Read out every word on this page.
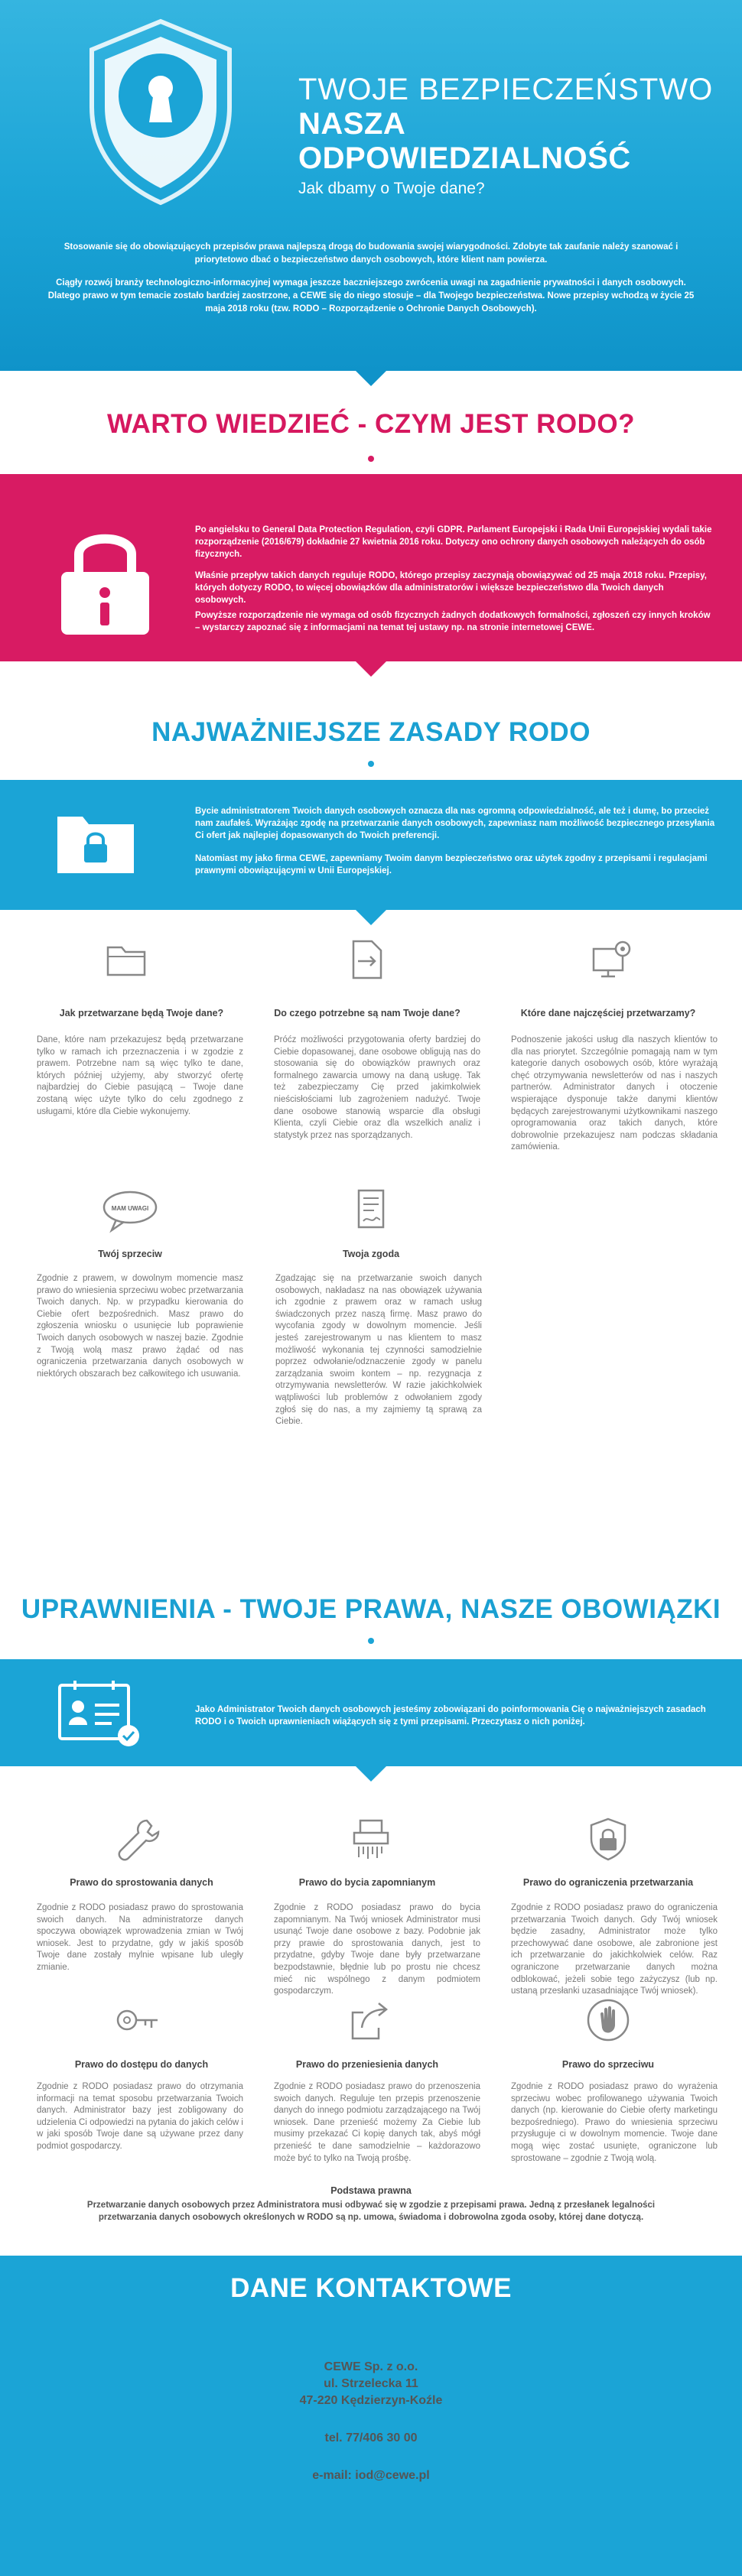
TWOJE BEZPIECZEŃSTWO
NASZA ODPOWIEDZIALNOŚĆ
Jak dbamy o Twoje dane?
Stosowanie się do obowiązujących przepisów prawa najlepszą drogą do budowania swojej wiarygodności. Zdobyte tak zaufanie należy szanować i priorytetowo dbać o bezpieczeństwo danych osobowych, które klient nam powierza.
Ciągły rozwój branży technologiczno-informacyjnej wymaga jeszcze baczniejszego zwrócenia uwagi na zagadnienie prywatności i danych osobowych. Dlatego prawo w tym temacie zostało bardziej zaostrzone, a CEWE się do niego stosuje – dla Twojego bezpieczeństwa. Nowe przepisy wchodzą w życie 25 maja 2018 roku (tzw. RODO – Rozporządzenie o Ochronie Danych Osobowych).
WARTO WIEDZIEĆ - CZYM JEST RODO?

Po angielsku to General Data Protection Regulation, czyli GDPR. Parlament Europejski i Rada Unii Europejskiej wydali takie rozporządzenie (2016/679) dokładnie 27 kwietnia 2016 roku. Dotyczy ono ochrony danych osobowych należących do osób fizycznych.

Właśnie przepływ takich danych reguluje RODO, którego przepisy zaczynają obowiązywać od 25 maja 2018 roku. Przepisy, których dotyczy RODO, to więcej obowiązków dla administratorów i większe bezpieczeństwo dla Twoich danych osobowych.

Powyższe rozporządzenie nie wymaga od osób fizycznych żadnych dodatkowych formalności, zgłoszeń czy innych kroków – wystarczy zapoznać się z informacjami na temat tej ustawy np. na stronie internetowej CEWE.

NAJWAŻNIEJSZE ZASADY RODO

Bycie administratorem Twoich danych osobowych oznacza dla nas ogromną odpowiedzialność, ale też i dumę, bo przecież nam zaufałeś. Wyrażając zgodę na przetwarzanie danych osobowych, zapewniasz nam możliwość bezpiecznego przesyłania Ci ofert jak najlepiej dopasowanych do Twoich preferencji.

Natomiast my jako firma CEWE, zapewniamy Twoim danym bezpieczeństwo oraz użytek zgodny z przepisami i regulacjami prawnymi obowiązującymi w Unii Europejskiej.

Jak przetwarzane będą Twoje dane?
Dane, które nam przekazujesz będą przetwarzane tylko w ramach ich przeznaczenia i w zgodzie z prawem. Potrzebne nam są więc tylko te dane, których później użyjemy, aby stworzyć ofertę najbardziej do Ciebie pasującą – Twoje dane zostaną więc użyte tylko do celu zgodnego z usługami, które dla Ciebie wykonujemy.
Do czego potrzebne są nam Twoje dane?
Próćz możliwości przygotowania oferty bardziej do Ciebie dopasowanej, dane osobowe obligują nas do stosowania się do obowiązków prawnych oraz formalnego zawarcia umowy na daną usługę. Tak też zabezpieczamy Cię przed jakimkolwiek nieścisłościami lub zagrożeniem nadużyć. Twoje dane osobowe stanowią wsparcie dla obsługi Klienta, czyli Ciebie oraz dla wszelkich analiz i statystyk przez nas sporządzanych.
Które dane najczęściej przetwarzamy?
Podnoszenie jakości usług dla naszych klientów to dla nas priorytet. Szczególnie pomagają nam w tym kategorie danych osobowych osób, które wyrażają chęć otrzymywania newsletterów od nas i naszych partnerów. Administrator danych i otoczenie wspierające dysponuje także danymi klientów będących zarejestrowanymi użytkownikami naszego oprogramowania oraz takich danych, które dobrowolnie przekazujesz nam podczas składania zamówienia.
MAM UWAGI
Twój sprzeciw
Zgodnie z prawem, w dowolnym momencie masz prawo do wniesienia sprzeciwu wobec przetwarzania Twoich danych. Np. w przypadku kierowania do Ciebie ofert bezpośrednich. Masz prawo do zgłoszenia wniosku o usunięcie lub poprawienie Twoich danych osobowych w naszej bazie. Zgodnie z Twoją wolą masz prawo żądać od nas ograniczenia przetwarzania danych osobowych w niektórych obszarach bez całkowitego ich usuwania.
Twoja zgoda
Zgadzając się na przetwarzanie swoich danych osobowych, nakładasz na nas obowiązek używania ich zgodnie z prawem oraz w ramach usług świadczonych przez naszą firmę. Masz prawo do wycofania zgody w dowolnym momencie. Jeśli jesteś zarejestrowanym u nas klientem to masz możliwość wykonania tej czynności samodzielnie poprzez odwołanie/odznaczenie zgody w panelu zarządzania swoim kontem – np. rezygnacja z otrzymywania newsletterów. W razie jakichkolwiek wątpliwości lub problemów z odwołaniem zgody zgłoś się do nas, a my zajmiemy tą sprawą za Ciebie.
UPRAWNIENIA - TWOJE PRAWA, NASZE OBOWIĄZKI

Jako Administrator Twoich danych osobowych jesteśmy zobowiązani do poinformowania Cię o najważniejszych zasadach RODO i o Twoich uprawnieniach wiążących się z tymi przepisami. Przeczytasz o nich poniżej.

Prawo do sprostowania danych
Zgodnie z RODO posiadasz prawo do sprostowania swoich danych. Na administratorze danych spoczywa obowiązek wprowadzenia zmian w Twój wniosek. Jest to przydatne, gdy w jakiś sposób Twoje dane zostały mylnie wpisane lub uległy zmianie.
Prawo do bycia zapomnianym
Zgodnie z RODO posiadasz prawo do bycia zapomnianym. Na Twój wniosek Administrator musi usunąć Twoje dane osobowe z bazy. Podobnie jak przy prawie do sprostowania danych, jest to przydatne, gdyby Twoje dane były przetwarzane bezpodstawnie, błędnie lub po prostu nie chcesz mieć nic wspólnego z danym podmiotem gospodarczym.
Prawo do ograniczenia przetwarzania
Zgodnie z RODO posiadasz prawo do ograniczenia przetwarzania Twoich danych. Gdy Twój wniosek będzie zasadny, Administrator może tylko przechowywać dane osobowe, ale zabronione jest ich przetwarzanie do jakichkolwiek celów. Raz ograniczone przetwarzanie danych można odblokować, jeżeli sobie tego zażyczysz (lub np. ustaną przesłanki uzasadniające Twój wniosek).
Prawo do dostępu do danych
Zgodnie z RODO posiadasz prawo do otrzymania informacji na temat sposobu przetwarzania Twoich danych. Administrator bazy jest zobligowany do udzielenia Ci odpowiedzi na pytania do jakich celów i w jaki sposób Twoje dane są używane przez dany podmiot gospodarczy.
Prawo do przeniesienia danych
Zgodnie z RODO posiadasz prawo do przenoszenia swoich danych. Reguluje ten przepis przenoszenie danych do innego podmiotu zarządzającego na Twój wniosek. Dane przenieść możemy Za Ciebie lub musimy przekazać Ci kopię danych tak, abyś mógł przenieść te dane samodzielnie – każdorazowo może być to tylko na Twoją prośbę.
Prawo do sprzeciwu
Zgodnie z RODO posiadasz prawo do wyrażenia sprzeciwu wobec profilowanego używania Twoich danych (np. kierowanie do Ciebie oferty marketingu bezpośredniego). Prawo do wniesienia sprzeciwu przysługuje ci w dowolnym momencie. Twoje dane mogą więc zostać usunięte, ograniczone lub sprostowane – zgodnie z Twoją wolą.
Podstawa prawna
Przetwarzanie danych osobowych przez Administratora musi odbywać się w zgodzie z przepisami prawa. Jedną z przesłanek legalności przetwarzania danych osobowych określonych w RODO są np. umowa, świadoma i dobrowolna zgoda osoby, której dane dotyczą.
DANE KONTAKTOWE
CEWE Sp. z o.o.
ul. Strzelecka 11
47-220 Kędzierzyn-Koźle
tel. 77/406 30 00
e-mail: iod@cewe.pl
